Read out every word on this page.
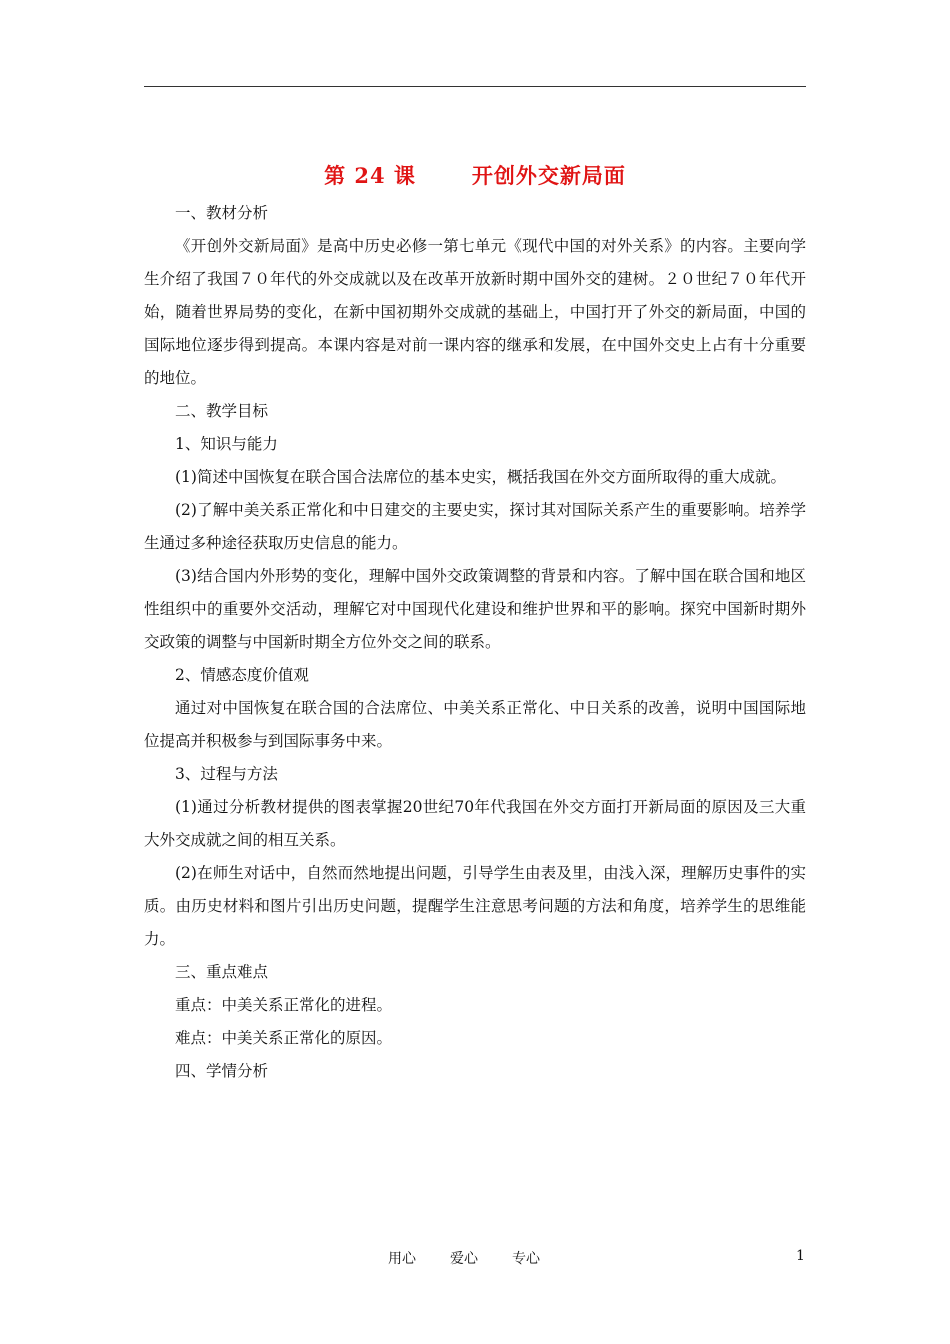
第 24 课	开创外交新局面

一、教材分析

《开创外交新局面》是高中历史必修一第七单元《现代中国的对外关系》的内容。主要向学生介绍了我国７０年代的外交成就以及在改革开放新时期中国外交的建树。２０世纪７０年代开始，随着世界局势的变化，在新中国初期外交成就的基础上，中国打开了外交的新局面，中国的国际地位逐步得到提高。本课内容是对前一课内容的继承和发展，在中国外交史上占有十分重要的地位。

二、教学目标

1、知识与能力

(1)简述中国恢复在联合国合法席位的基本史实，概括我国在外交方面所取得的重大成就。

(2)了解中美关系正常化和中日建交的主要史实，探讨其对国际关系产生的重要影响。培养学生通过多种途径获取历史信息的能力。

(3)结合国内外形势的变化，理解中国外交政策调整的背景和内容。了解中国在联合国和地区性组织中的重要外交活动，理解它对中国现代化建设和维护世界和平的影响。探究中国新时期外交政策的调整与中国新时期全方位外交之间的联系。

2、情感态度价值观

通过对中国恢复在联合国的合法席位、中美关系正常化、中日关系的改善，说明中国国际地位提高并积极参与到国际事务中来。

3、过程与方法

(1)通过分析教材提供的图表掌握20世纪70年代我国在外交方面打开新局面的原因及三大重大外交成就之间的相互关系。

(2)在师生对话中，自然而然地提出问题，引导学生由表及里，由浅入深，理解历史事件的实质。由历史材料和图片引出历史问题，提醒学生注意思考问题的方法和角度，培养学生的思维能力。

三、重点难点

重点：中美关系正常化的进程。

难点：中美关系正常化的原因。

四、学情分析

用心 爱心 专心	1
